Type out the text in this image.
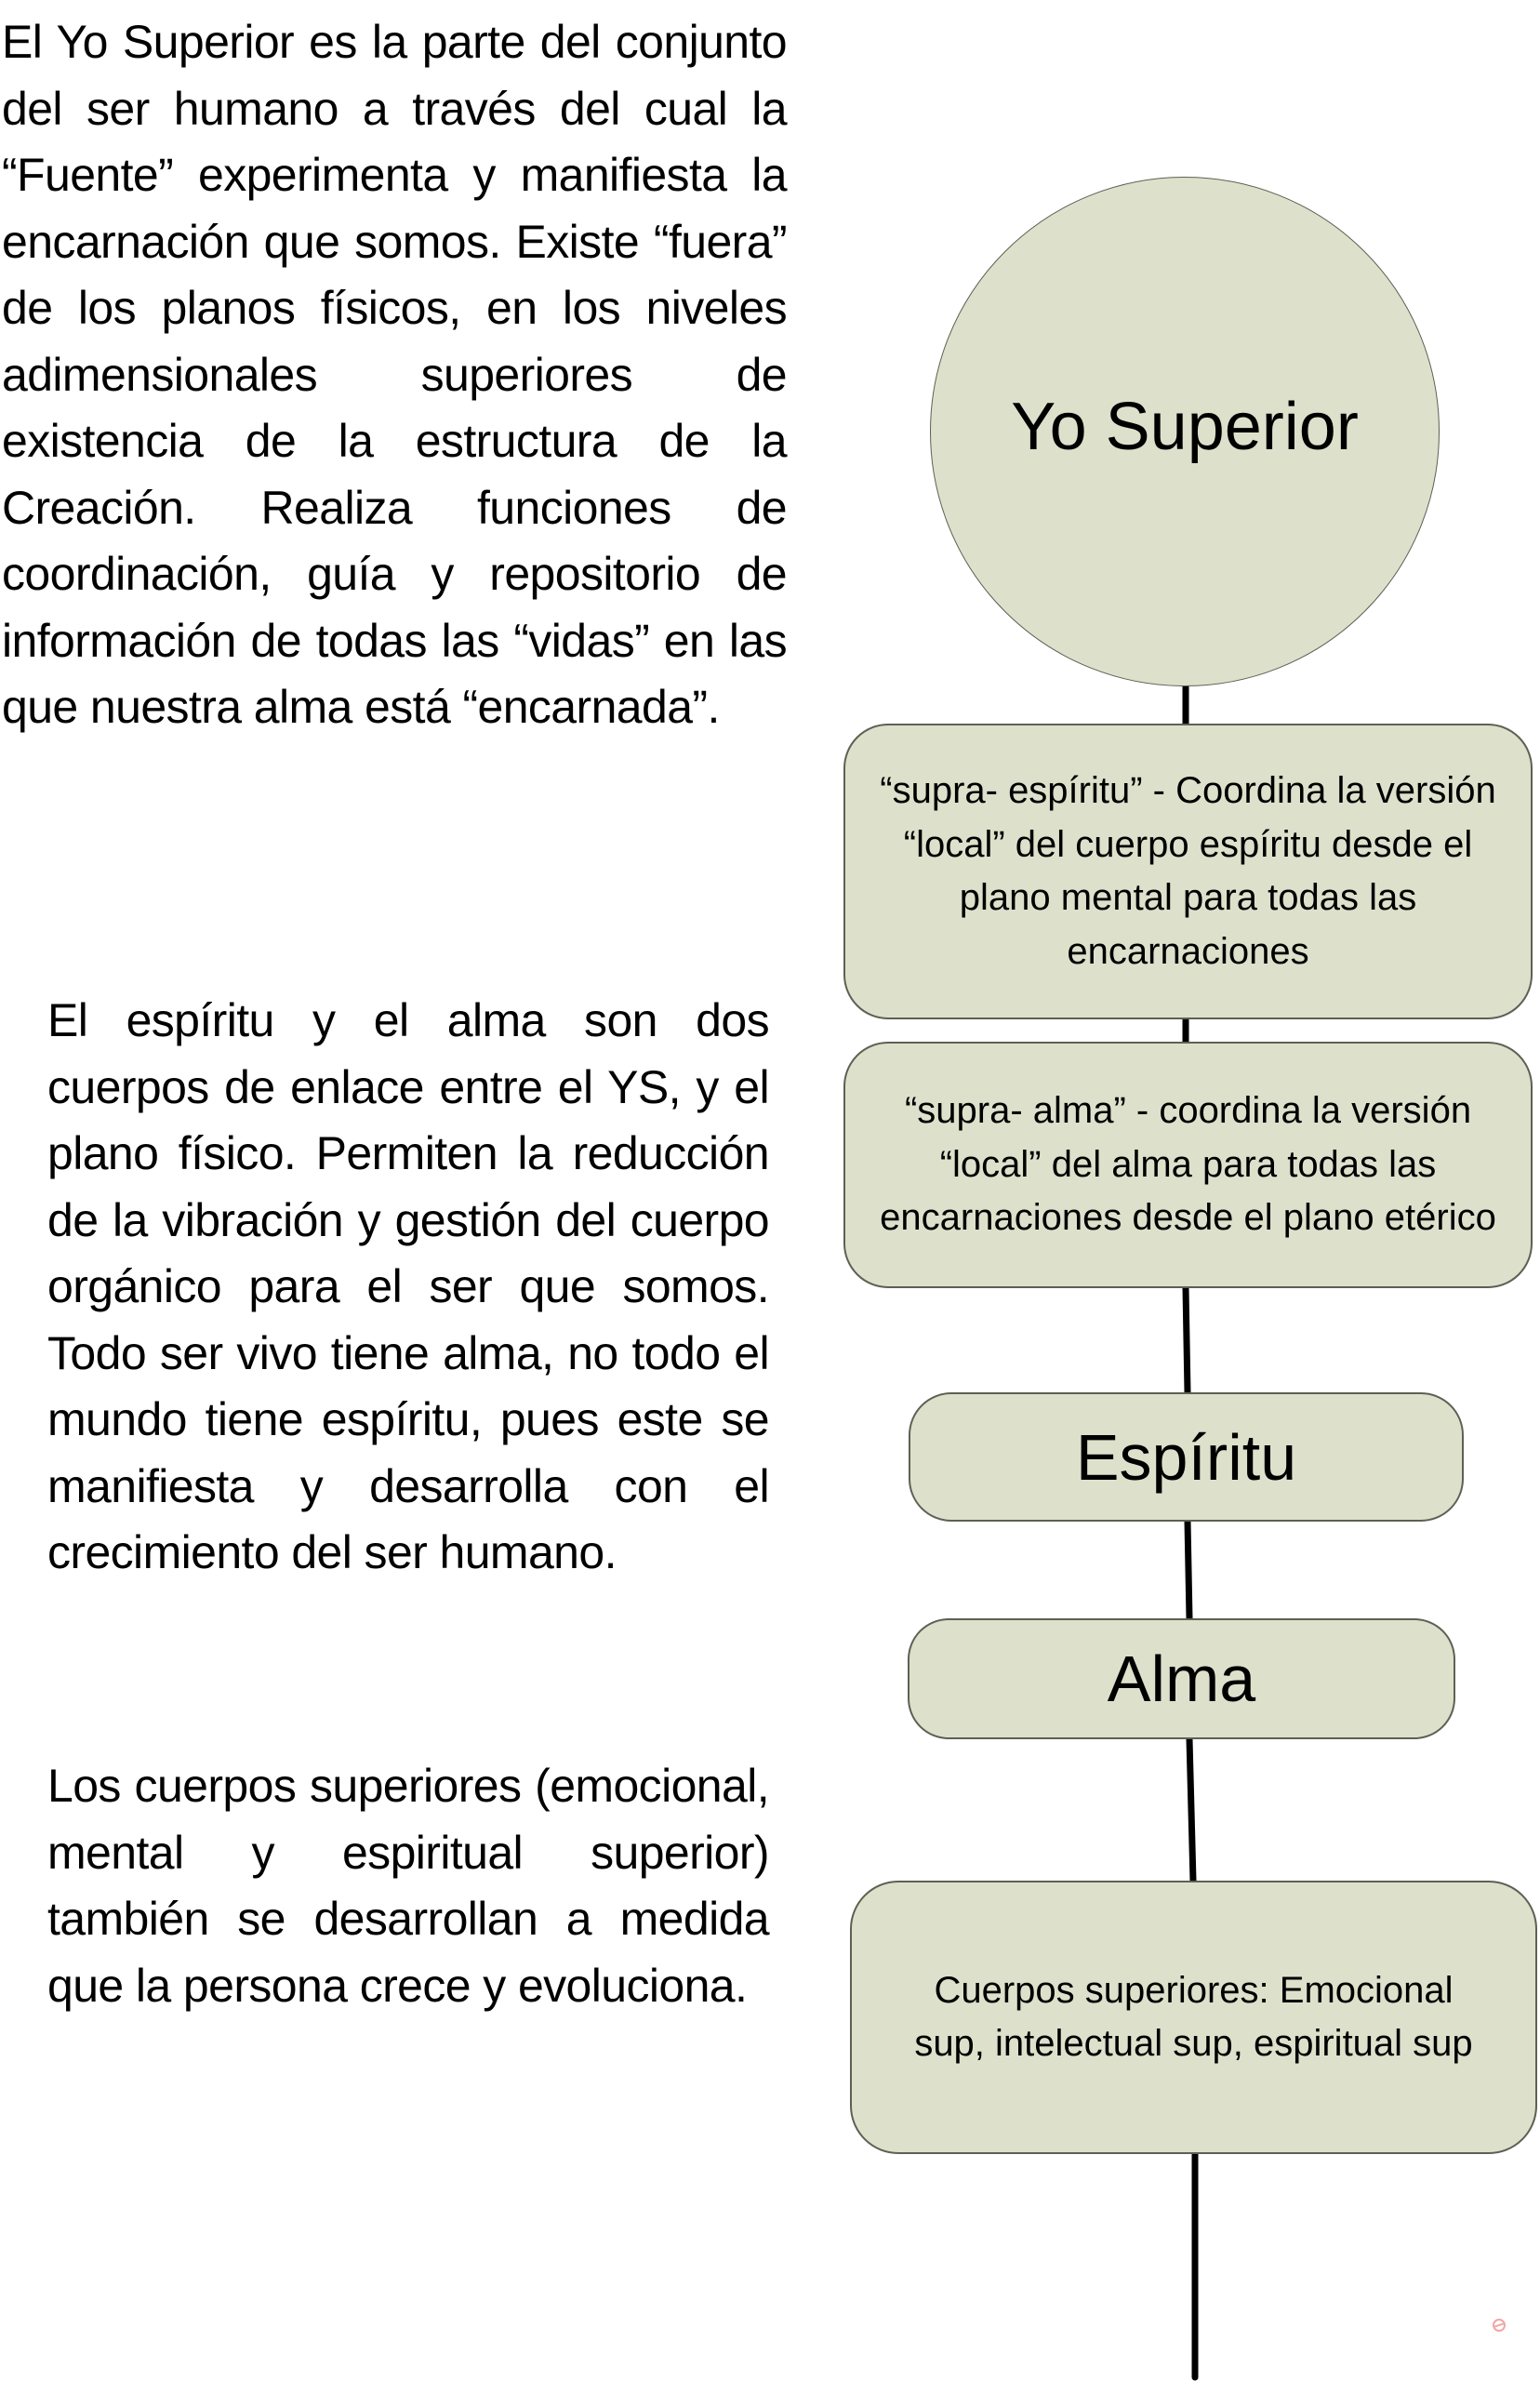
El Yo Superior es la parte del conjunto del ser humano a través del cual la “Fuente” experimenta y manifiesta la encarnación que somos. Existe “fuera” de los planos físicos, en los niveles adimensionales superiores de existencia de la estructura de la Creación. Realiza funciones de coordinación, guía y repositorio de información de todas las “vidas” en las que nuestra alma está “encarnada”.
El espíritu y el alma son dos cuerpos de enlace entre el YS, y el plano físico. Permiten la reducción de la vibración y gestión del cuerpo orgánico para el ser que somos. Todo ser vivo tiene alma, no todo el mundo tiene espíritu, pues este se manifiesta y desarrolla con el crecimiento del ser humano.
Los cuerpos superiores (emocional, mental y espiritual superior) también se desarrollan a medida que la persona crece y evoluciona.
Yo Superior
“supra- espíritu” - Coordina la versión “local” del cuerpo espíritu desde el plano mental para todas las encarnaciones
“supra- alma” - coordina la versión “local” del alma para todas las encarnaciones desde el plano etérico
Espíritu
Alma
Cuerpos superiores: Emocional sup, intelectual sup, espiritual sup
